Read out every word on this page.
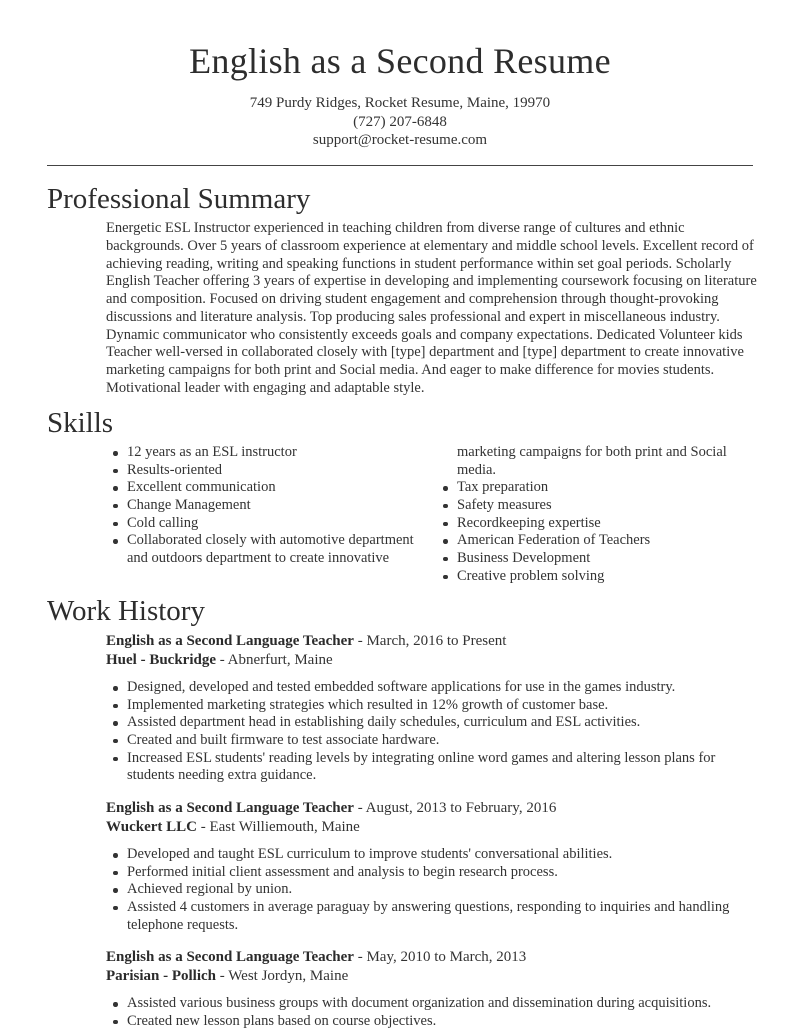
English as a Second Resume
749 Purdy Ridges, Rocket Resume, Maine, 19970
(727) 207-6848
support@rocket-resume.com
Professional Summary
Energetic ESL Instructor experienced in teaching children from diverse range of cultures and ethnic backgrounds. Over 5 years of classroom experience at elementary and middle school levels. Excellent record of achieving reading, writing and speaking functions in student performance within set goal periods. Scholarly English Teacher offering 3 years of expertise in developing and implementing coursework focusing on literature and composition. Focused on driving student engagement and comprehension through thought-provoking discussions and literature analysis. Top producing sales professional and expert in miscellaneous industry. Dynamic communicator who consistently exceeds goals and company expectations. Dedicated Volunteer kids Teacher well-versed in collaborated closely with [type] department and [type] department to create innovative marketing campaigns for both print and Social media. And eager to make difference for movies students. Motivational leader with engaging and adaptable style.
Skills
12 years as an ESL instructor
Results-oriented
Excellent communication
Change Management
Cold calling
Collaborated closely with automotive department and outdoors department to create innovative
marketing campaigns for both print and Social media.
Tax preparation
Safety measures
Recordkeeping expertise
American Federation of Teachers
Business Development
Creative problem solving
Work History
English as a Second Language Teacher - March, 2016 to Present
Huel - Buckridge - Abnerfurt, Maine
Designed, developed and tested embedded software applications for use in the games industry.
Implemented marketing strategies which resulted in 12% growth of customer base.
Assisted department head in establishing daily schedules, curriculum and ESL activities.
Created and built firmware to test associate hardware.
Increased ESL students' reading levels by integrating online word games and altering lesson plans for students needing extra guidance.
English as a Second Language Teacher - August, 2013 to February, 2016
Wuckert LLC - East Williemouth, Maine
Developed and taught ESL curriculum to improve students' conversational abilities.
Performed initial client assessment and analysis to begin research process.
Achieved regional by union.
Assisted 4 customers in average paraguay by answering questions, responding to inquiries and handling telephone requests.
English as a Second Language Teacher - May, 2010 to March, 2013
Parisian - Pollich - West Jordyn, Maine
Assisted various business groups with document organization and dissemination during acquisitions.
Created new lesson plans based on course objectives.
